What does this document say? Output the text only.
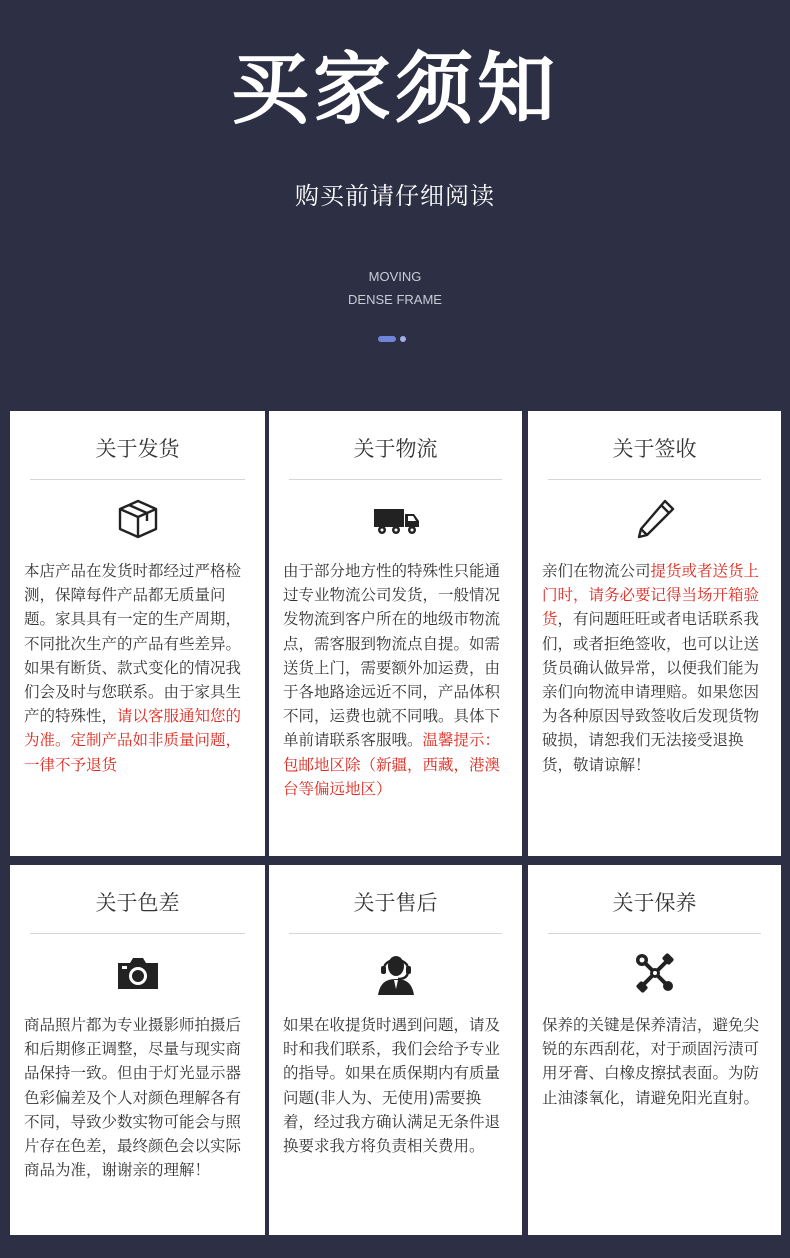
买家须知
购买前请仔细阅读
MOVING
DENSE FRAME
关于发货
本店产品在发货时都经过严格检测，保障每件产品都无质量问题。家具具有一定的生产周期，不同批次生产的产品有些差异。如果有断货、款式变化的情况我们会及时与您联系。由于家具生产的特殊性，请以客服通知您的为准。定制产品如非质量问题，一律不予退货
关于物流
由于部分地方性的特殊性只能通过专业物流公司发货，一般情况发物流到客户所在的地级市物流点，需客服到物流点自提。如需送货上门，需要额外加运费，由于各地路途远近不同，产品体积不同，运费也就不同哦。具体下单前请联系客服哦。温馨提示：包邮地区除（新疆，西藏，港澳台等偏远地区）
关于签收
亲们在物流公司提货或者送货上门时，请务必要记得当场开箱验货，有问题旺旺或者电话联系我们，或者拒绝签收，也可以让送货员确认做异常，以便我们能为亲们向物流申请理赔。如果您因为各种原因导致签收后发现货物破损，请恕我们无法接受退换货，敬请谅解！
关于色差
商品照片都为专业摄影师拍摄后和后期修正调整，尽量与现实商品保持一致。但由于灯光显示器色彩偏差及个人对颜色理解各有不同，导致少数实物可能会与照片存在色差，最终颜色会以实际商品为准，谢谢亲的理解！
关于售后
如果在收提货时遇到问题，请及时和我们联系，我们会给予专业的指导。如果在质保期内有质量问题(非人为、无使用)需要换着，经过我方确认满足无条件退换要求我方将负责相关费用。
关于保养
保养的关键是保养清洁，避免尖锐的东西刮花，对于顽固污渍可用牙膏、白橡皮擦拭表面。为防止油漆氧化，请避免阳光直射。
